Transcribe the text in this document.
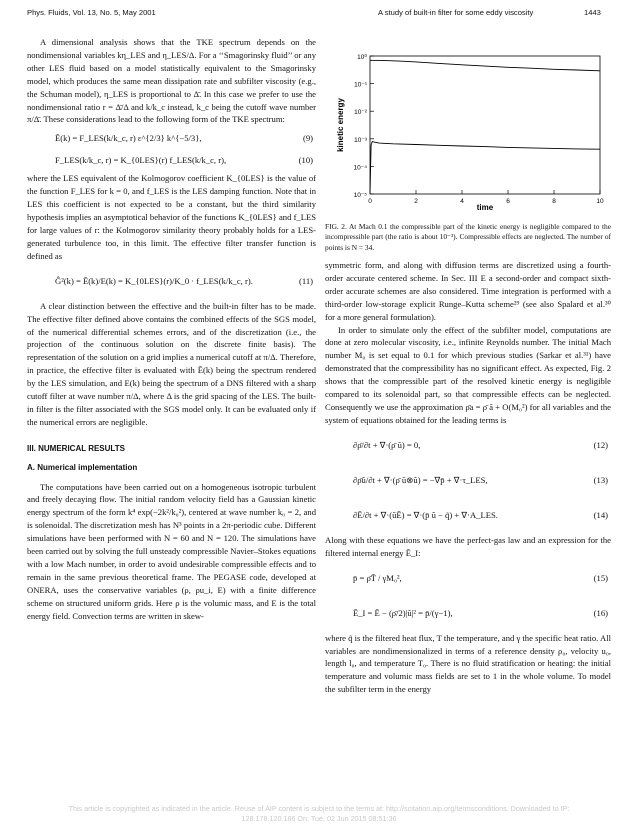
Phys. Fluids, Vol. 13, No. 5, May 2001	A study of built-in filter for some eddy viscosity	1443

A dimensional analysis shows that the TKE spectrum depends on the nondimensional variables kη_LES and η_LES/Δ. For a ‘‘Smagorinsky fluid’’ or any other LES fluid based on a model statistically equivalent to the Smagorinsky model, which produces the same mean dissipation rate and subfilter viscosity (e.g., the Schuman model), η_LES is proportional to Δ̄. In this case we prefer to use the nondimensional ratio r = Δ̄/Δ and k/k_c instead, k_c being the cutoff wave number π/Δ̄. These considerations lead to the following form of the TKE spectrum:

Ē(k) = F_LES(k/k_c, r) ε^{2/3} k^{−5/3},	(9)
F_LES(k/k_c, r) = K_{0LES}(r) f_LES(k/k_c, r),	(10)

where the LES equivalent of the Kolmogorov coefficient K_{0LES} is the value of the function F_LES for k = 0, and f_LES is the LES damping function. Note that in LES this coefficient is not expected to be a constant, but the third similarity hypothesis implies an asymptotical behavior of the functions K_{0LES} and f_LES for large values of r: the Kolmogorov similarity theory probably holds for a LES-generated turbulence too, in this limit. The effective filter transfer function is defined as

Ĝ²(k) = Ē(k)/E(k) = K_{0LES}(r)/K_0 · f_LES(k/k_c, r).	(11)

A clear distinction between the effective and the built-in filter has to be made. The effective filter defined above contains the combined effects of the SGS model, of the numerical differential schemes errors, and of the discretization (i.e., the projection of the continuous solution on the discrete finite basis). The representation of the solution on a grid implies a numerical cutoff at π/Δ. Therefore, in practice, the effective filter is evaluated with Ē(k) being the spectrum rendered by the LES simulation, and E(k) being the spectrum of a DNS filtered with a sharp cutoff filter at wave number π/Δ, where Δ is the grid spacing of the LES. The built-in filter is the filter associated with the SGS model only. It can be evaluated only if the numerical errors are negligible.

III. NUMERICAL RESULTS
A. Numerical implementation

The computations have been carried out on a homogeneous isotropic turbulent and freely decaying flow. The initial random velocity field has a Gaussian kinetic energy spectrum of the form k⁴ exp(−2k²/k₀²), centered at wave number k₀ = 2, and is solenoidal. The discretization mesh has N³ points in a 2π-periodic cube. Different simulations have been performed with N = 60 and N = 120. The simulations have been carried out by solving the full unsteady compressible Navier–Stokes equations with a low Mach number, in order to avoid undesirable compressible effects and to remain in the same previous theoretical frame. The PEGASE code, developed at ONERA, uses the conservative variables (ρ, ρu_i, E) with a finite difference scheme on structured uniform grids. Here ρ is the volumic mass, and E is the total energy field. Convection terms are written in skew-

kinetic energy
time
10⁰
10⁻¹
10⁻²
10⁻³
10⁻⁴
10⁻⁵
0	2	4	6	8	10
FIG. 2. At Mach 0.1 the compressible part of the kinetic energy is negligible compared to the incompressible part (the ratio is about 10⁻³). Compressible effects are neglected. The number of points is N = 34.

symmetric form, and along with diffusion terms are discretized using a fourth-order accurate centered scheme. In Sec. III E a second-order and compact sixth-order accurate schemes are also considered. Time integration is performed with a third-order low-storage explicit Runge–Kutta scheme²⁹ (see also Spalard et al.³⁰ for a more general formulation).

In order to simulate only the effect of the subfilter model, computations are done at zero molecular viscosity, i.e., infinite Reynolds number. The initial Mach number M₀ is set equal to 0.1 for which previous studies (Sarkar et al.³¹) have demonstrated that the compressibility has no significant effect. As expected, Fig. 2 shows that the compressible part of the resolved kinetic energy is negligible compared to its solenoidal part, so that compressible effects can be neglected. Consequently we use the approximation ρ̄a = ρ̄ ā + O(M₀²) for all variables and the system of equations obtained for the leading terms is

∂ρ̄/∂t + ∇·(ρ̄ ũ) = 0,	(12)
∂ρ̄ũ/∂t + ∇·(ρ̄ ũ⊗ũ) = −∇p̄ + ∇·τ_LES,	(13)
∂Ē/∂t + ∇·(ũĒ) = ∇·(p̄ ũ − q̃) + ∇·A_LES.	(14)

Along with these equations we have the perfect-gas law and an expression for the filtered internal energy Ē_I:

p̄ = ρ̄T̃ / γM₀²,	(15)
Ē_I = Ē − (ρ̄/2)|ũ|² = p̄/(γ−1),	(16)

where q̃ is the filtered heat flux, T the temperature, and γ the specific heat ratio. All variables are nondimensionalized in terms of a reference density ρ₀, velocity u₀, length l₀, and temperature T₀. There is no fluid stratification or heating: the initial temperature and volumic mass fields are set to 1 in the whole volume. To model the subfilter term in the energy

This article is copyrighted as indicated in the article. Reuse of AIP content is subject to the terms at: http://scitation.aip.org/termsconditions. Downloaded to IP:
128.178.120.186 On: Tue, 02 Jun 2015 08:51:36
